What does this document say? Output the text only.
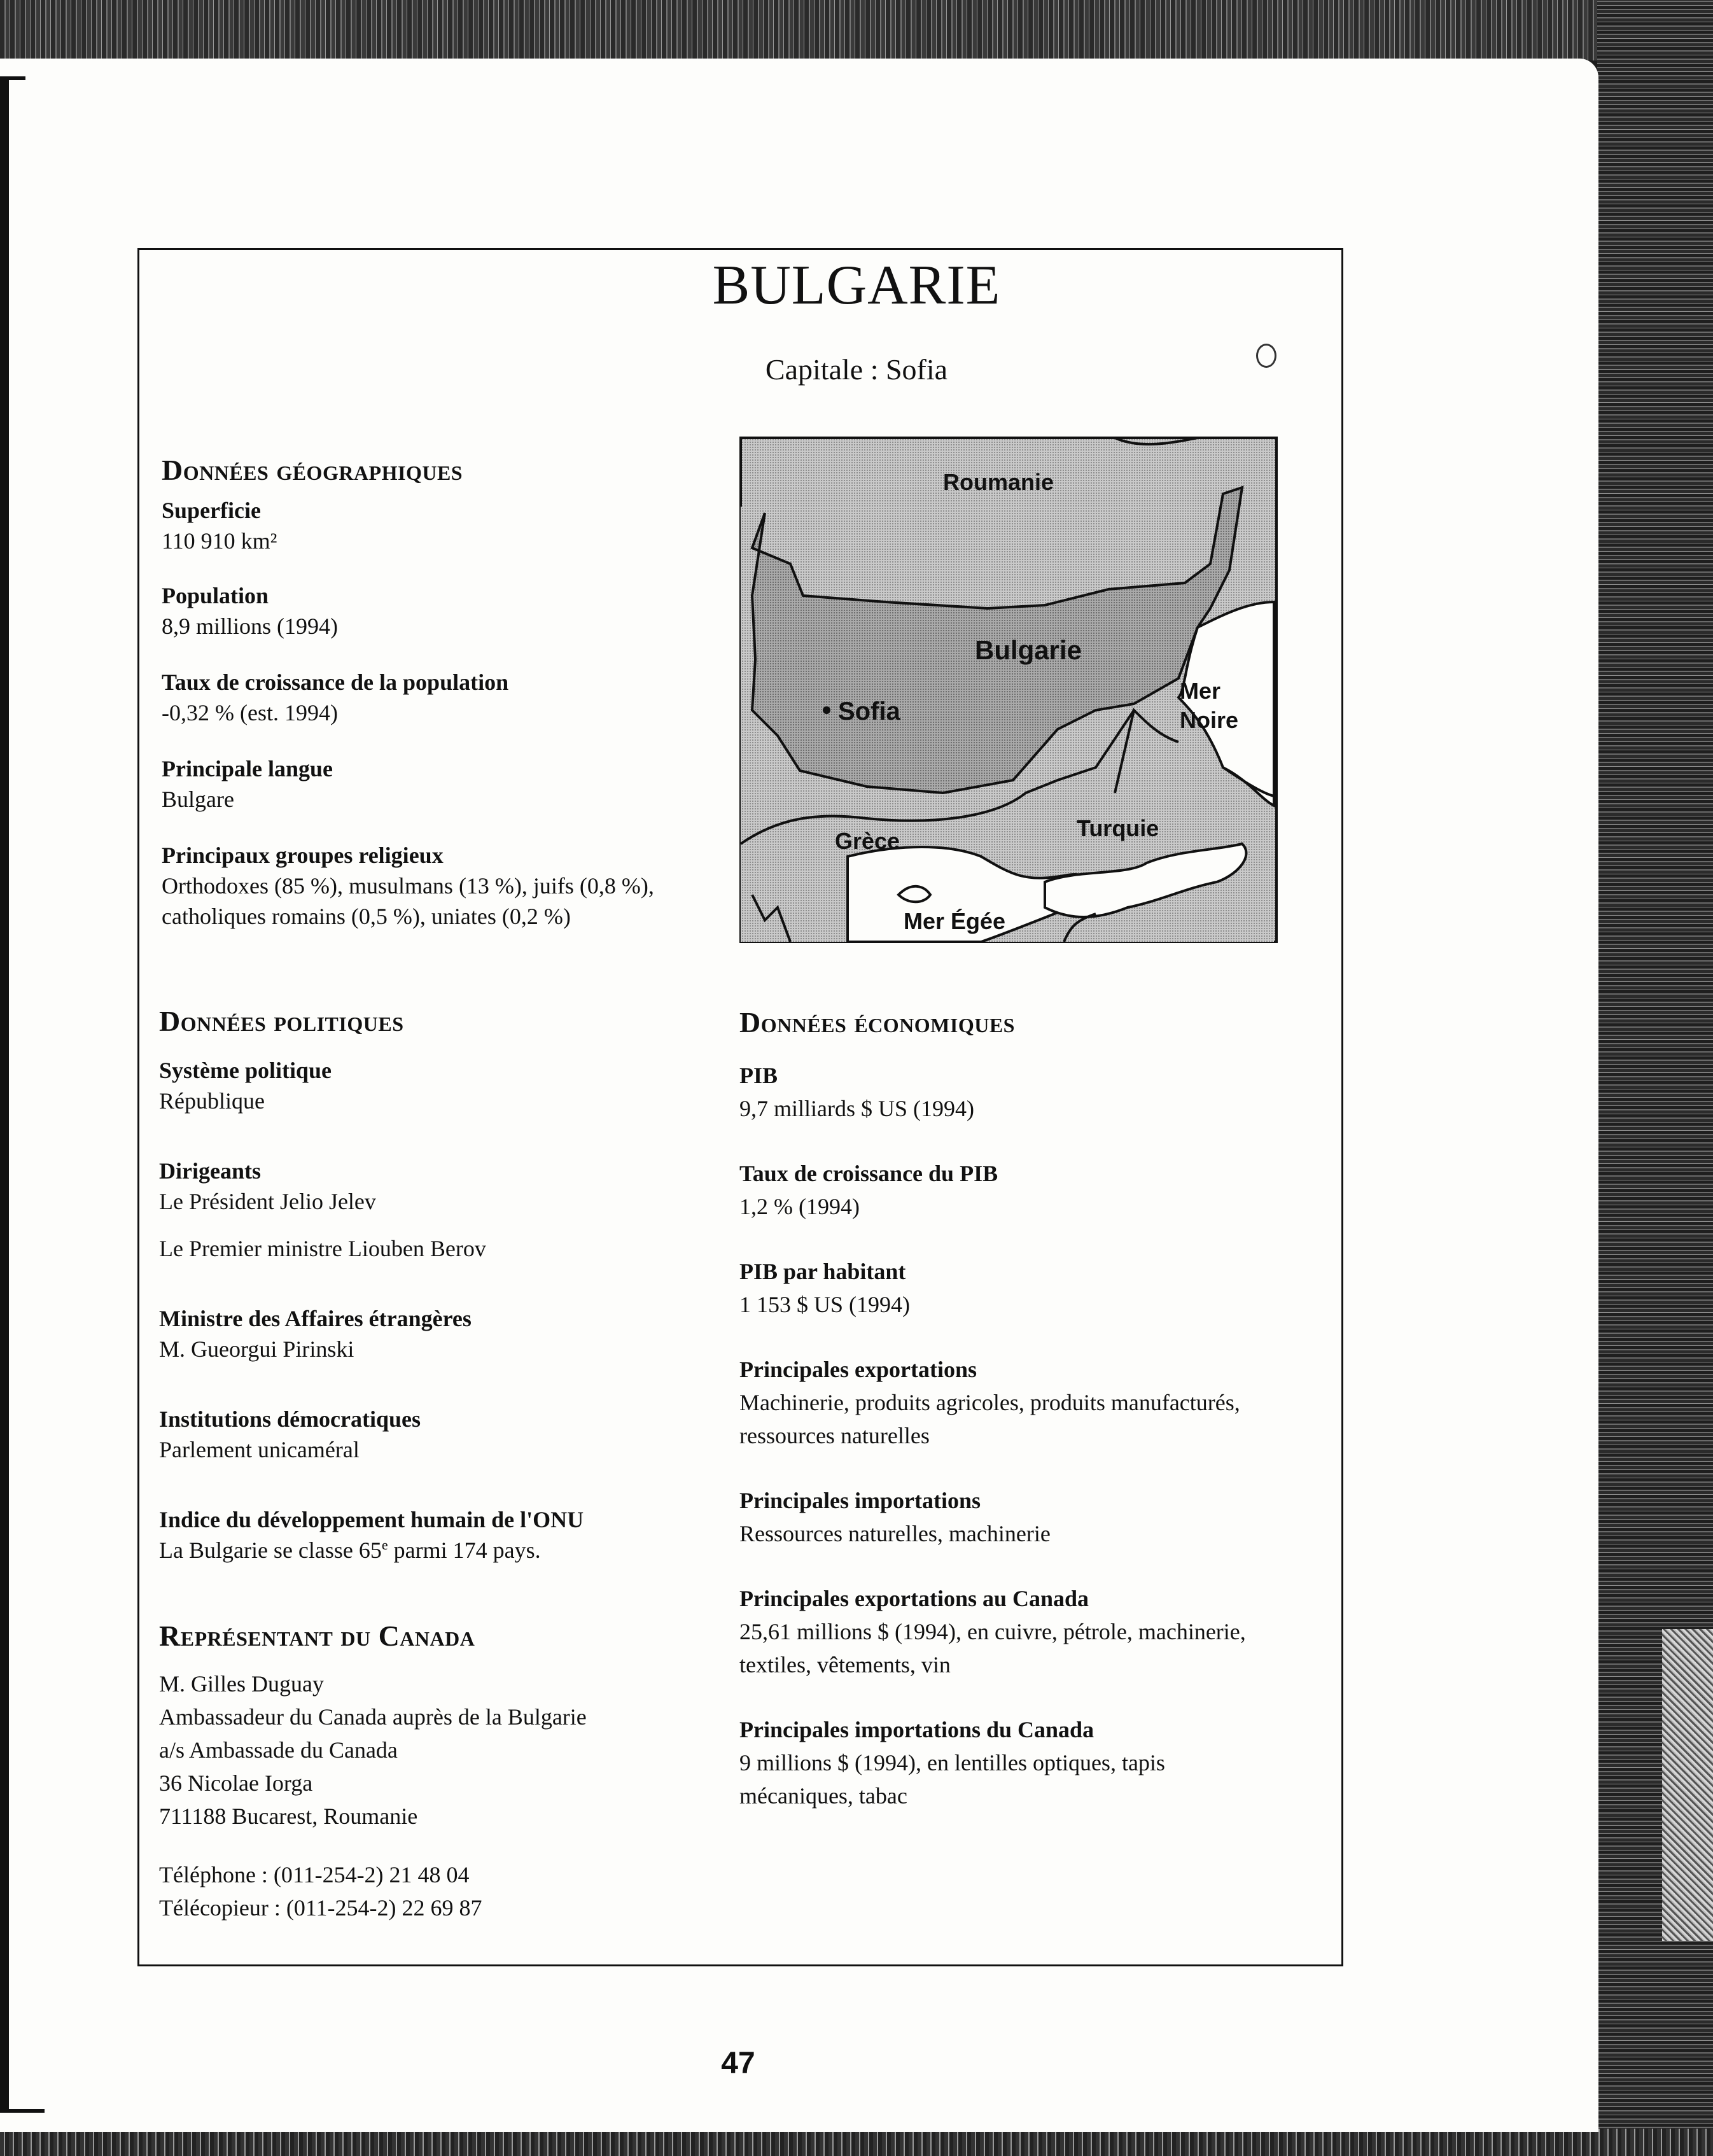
BULGARIE
Capitale : Sofia
Données géographiques
Superficie
110 910 km²
Population
8,9 millions (1994)
Taux de croissance de la population
-0,32 % (est. 1994)
Principale langue
Bulgare
Principaux groupes religieux
Orthodoxes (85 %), musulmans (13 %), juifs (0,8 %),
catholiques romains (0,5 %), uniates (0,2 %)
Roumanie
Bulgarie
Sofia
Mer
Noire
Grèce	Turquie
Mer Égée
Données politiques
Système politique
République
Dirigeants
Le Président Jelio Jelev
Le Premier ministre Liouben Berov
Ministre des Affaires étrangères
M. Gueorgui Pirinski
Institutions démocratiques
Parlement unicaméral
Indice du développement humain de l'ONU
La Bulgarie se classe 65e parmi 174 pays.
Représentant du Canada
M. Gilles Duguay
Ambassadeur du Canada auprès de la Bulgarie
a/s Ambassade du Canada
36 Nicolae Iorga
711188 Bucarest, Roumanie
Téléphone : (011-254-2) 21 48 04
Télécopieur : (011-254-2) 22 69 87
Données économiques
PIB
9,7 milliards $ US (1994)
Taux de croissance du PIB
1,2 % (1994)
PIB par habitant
1 153 $ US (1994)
Principales exportations
Machinerie, produits agricoles, produits manufacturés,
ressources naturelles
Principales importations
Ressources naturelles, machinerie
Principales exportations au Canada
25,61 millions $ (1994), en cuivre, pétrole, machinerie,
textiles, vêtements, vin
Principales importations du Canada
9 millions $ (1994), en lentilles optiques, tapis
mécaniques, tabac
47
